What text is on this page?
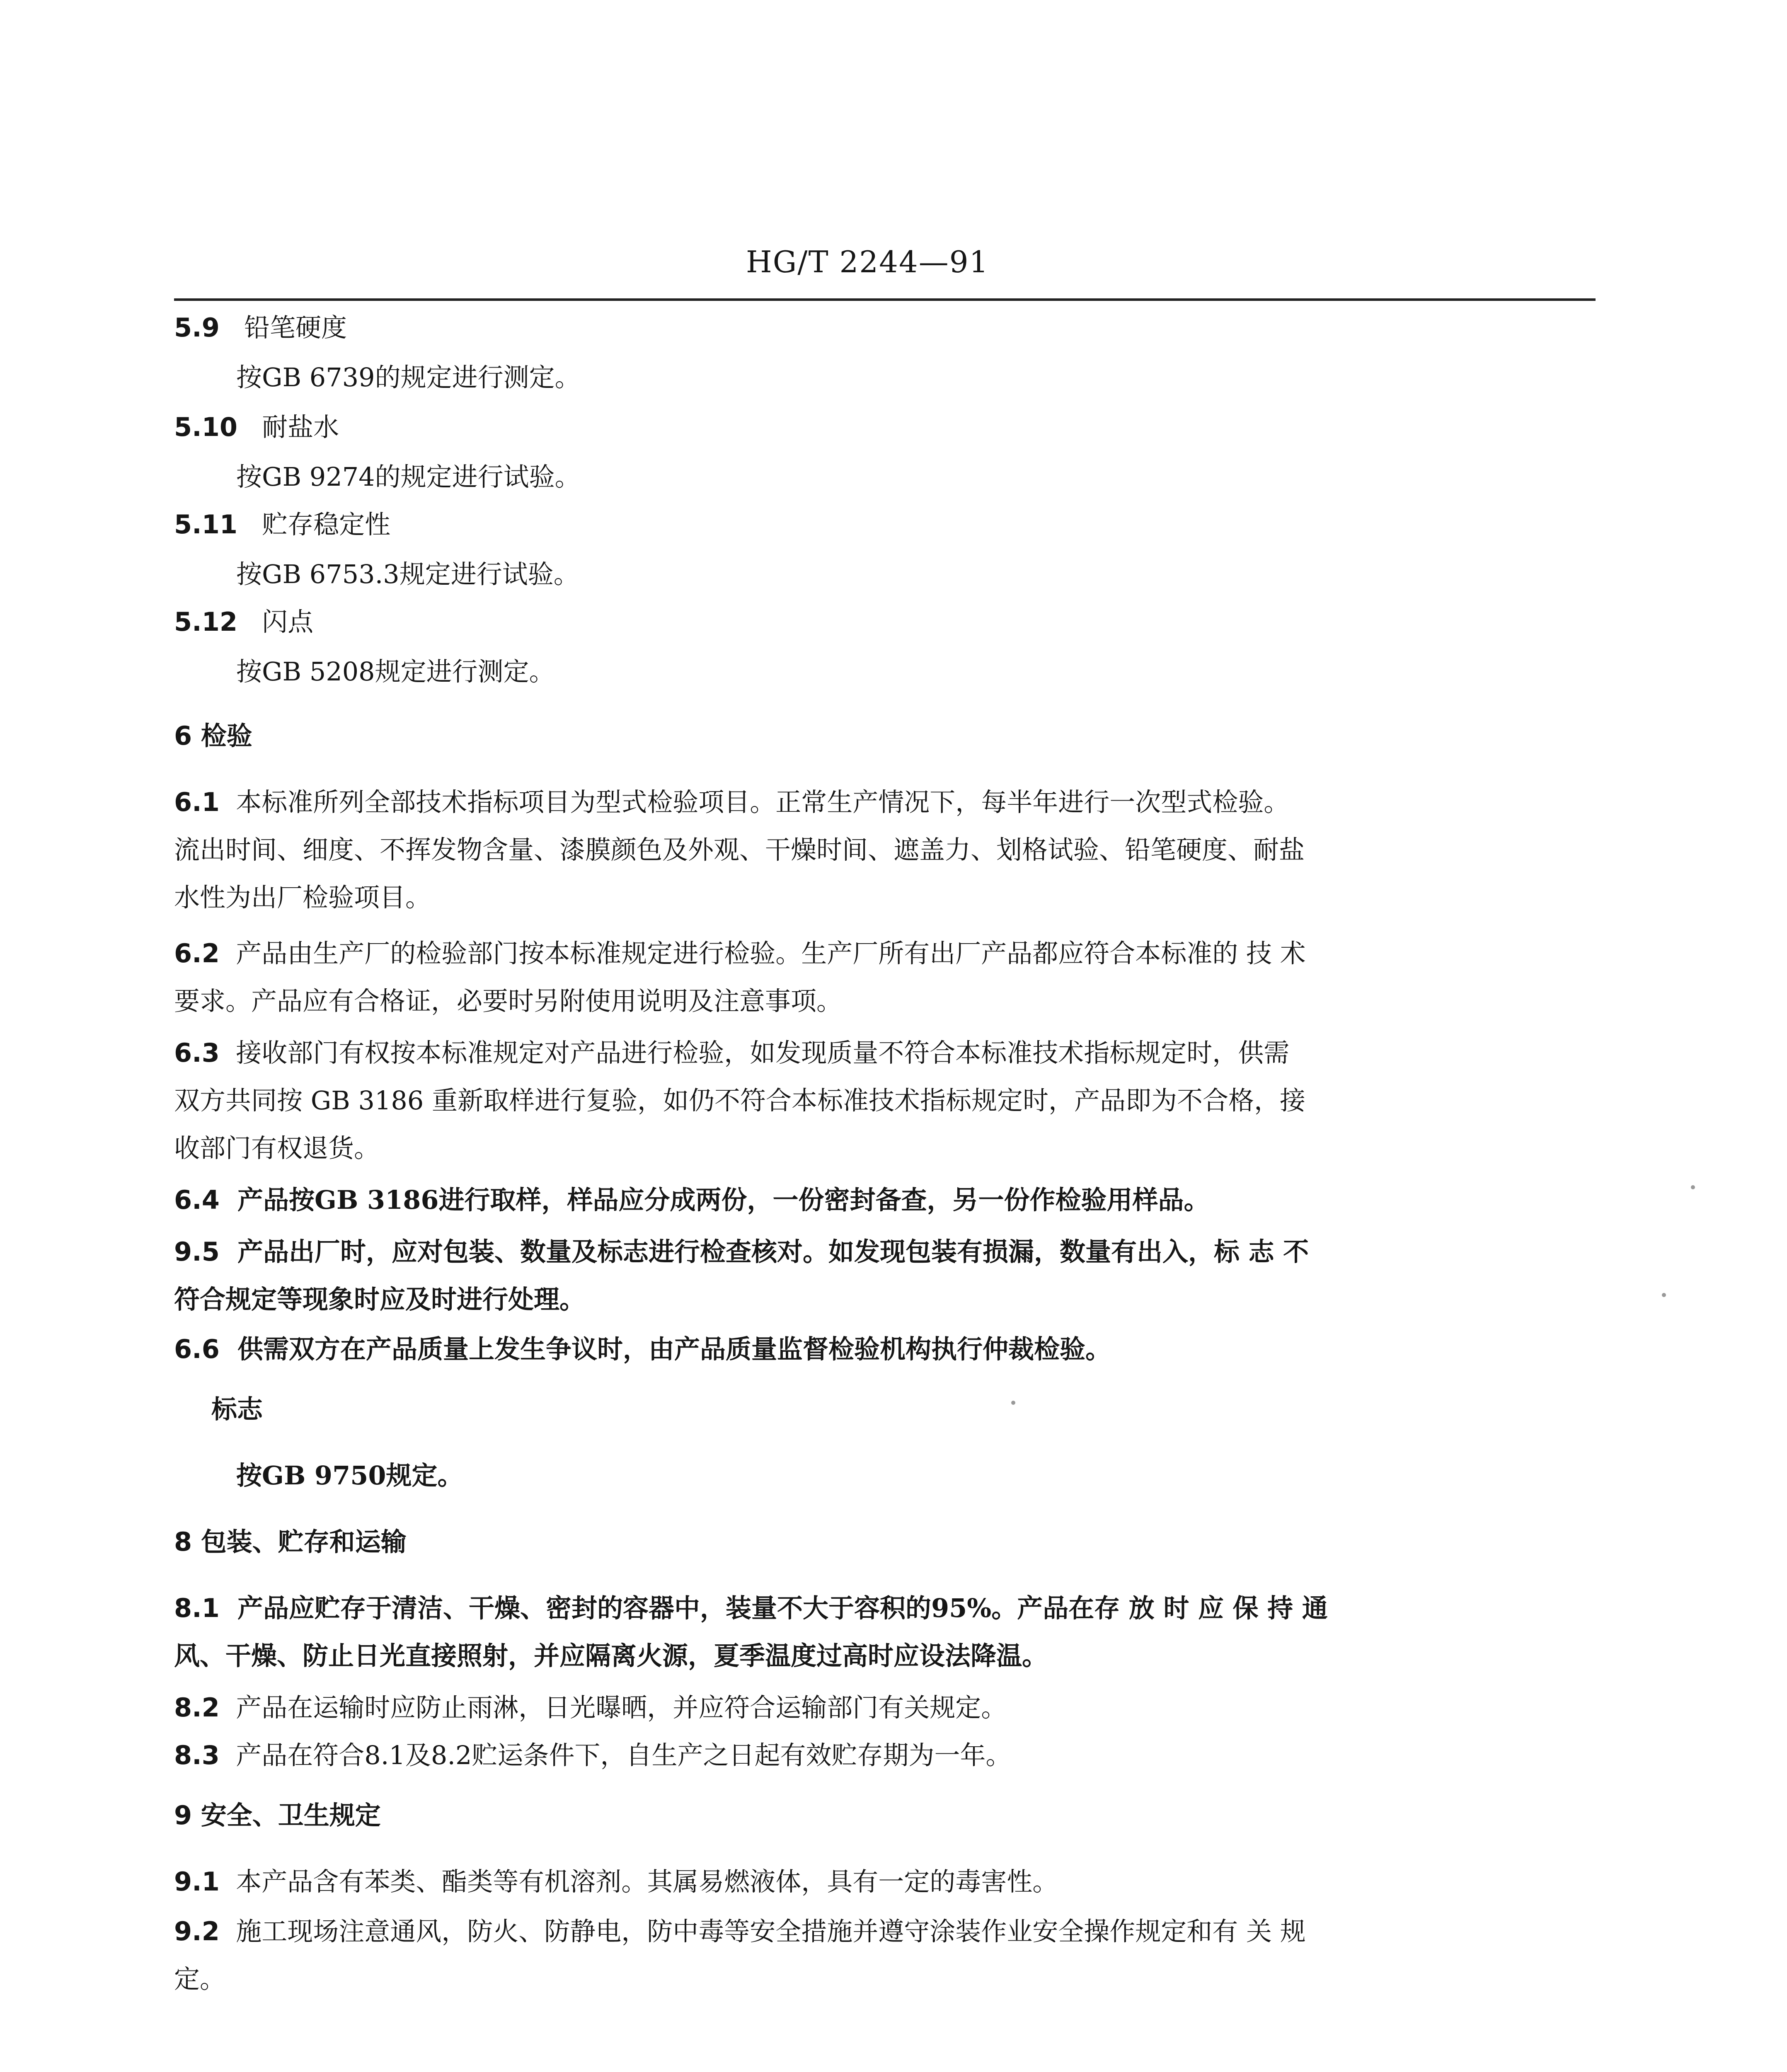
HG/T 2244—91
5.9 铅笔硬度
按GB 6739的规定进行测定。
5.10 耐盐水
按GB 9274的规定进行试验。
5.11 贮存稳定性
按GB 6753.3规定进行试验。
5.12 闪点
按GB 5208规定进行测定。
6 检验
6.1 本标准所列全部技术指标项目为型式检验项目。正常生产情况下，每半年进行一次型式检验。
流出时间、细度、不挥发物含量、漆膜颜色及外观、干燥时间、遮盖力、划格试验、铅笔硬度、耐盐
水性为出厂检验项目。
6.2 产品由生产厂的检验部门按本标准规定进行检验。生产厂所有出厂产品都应符合本标准的 技 术
要求。产品应有合格证，必要时另附使用说明及注意事项。
6.3 接收部门有权按本标准规定对产品进行检验，如发现质量不符合本标准技术指标规定时，供需
双方共同按 GB 3186 重新取样进行复验，如仍不符合本标准技术指标规定时，产品即为不合格，接
收部门有权退货。
6.4 产品按GB 3186进行取样，样品应分成两份，一份密封备查，另一份作检验用样品。
9.5 产品出厂时，应对包装、数量及标志进行检查核对。如发现包装有损漏，数量有出入，标 志 不
符合规定等现象时应及时进行处理。
6.6 供需双方在产品质量上发生争议时，由产品质量监督检验机构执行仲裁检验。
标志
按GB 9750规定。
8 包装、贮存和运输
8.1 产品应贮存于清洁、干燥、密封的容器中，装量不大于容积的95%。产品在存 放 时 应 保 持 通
风、干燥、防止日光直接照射，并应隔离火源，夏季温度过高时应设法降温。
8.2 产品在运输时应防止雨淋，日光曝晒，并应符合运输部门有关规定。
8.3 产品在符合8.1及8.2贮运条件下，自生产之日起有效贮存期为一年。
9 安全、卫生规定
9.1 本产品含有苯类、酯类等有机溶剂。其属易燃液体，具有一定的毒害性。
9.2 施工现场注意通风，防火、防静电，防中毒等安全措施并遵守涂装作业安全操作规定和有 关 规
定。
